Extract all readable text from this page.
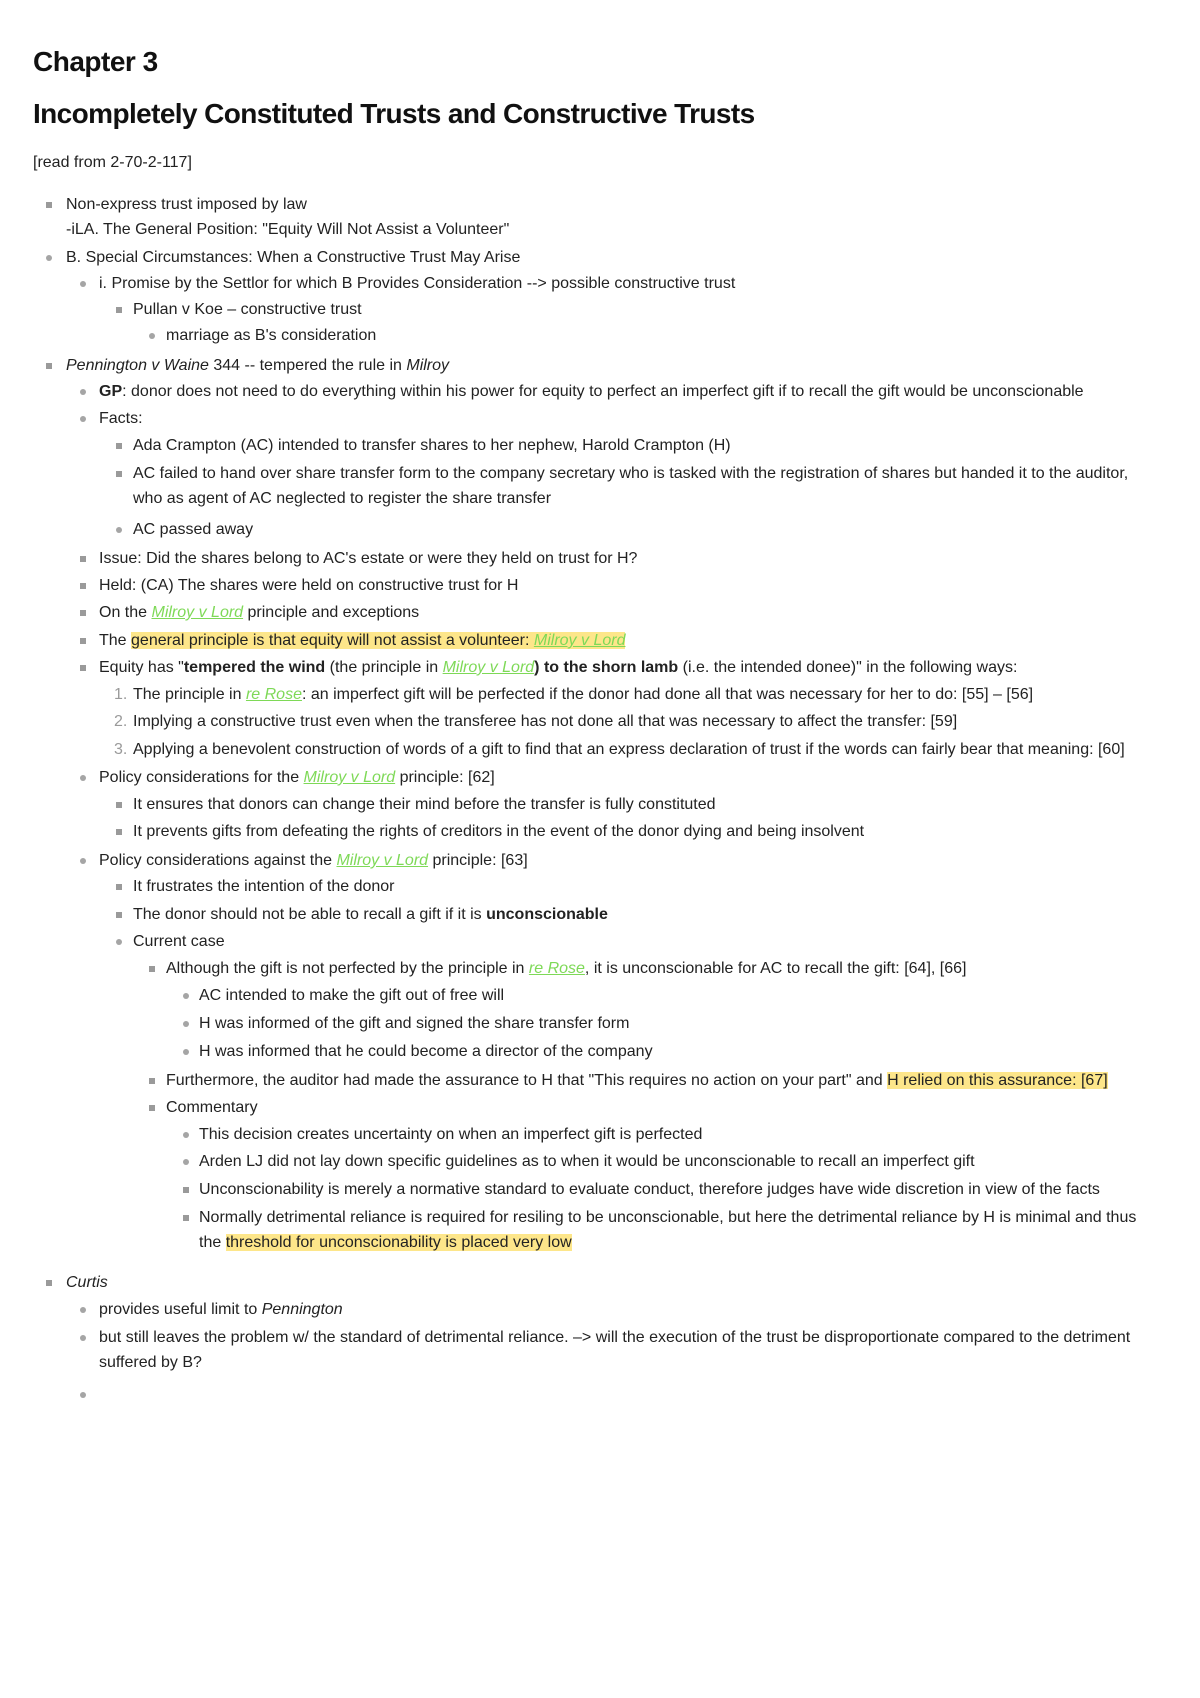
Chapter 3
Incompletely Constituted Trusts and Constructive Trusts
[read from 2-70-2-117]
Non-express trust imposed by law
-iLA. The General Position: "Equity Will Not Assist a Volunteer"
B. Special Circumstances: When a Constructive Trust May Arise
i. Promise by the Settlor for which B Provides Consideration --> possible constructive trust
Pullan v Koe – constructive trust
marriage as B's consideration
Pennington v Waine 344 -- tempered the rule in Milroy
GP: donor does not need to do everything within his power for equity to perfect an imperfect gift if to recall the gift would be unconscionable
Facts:
Ada Crampton (AC) intended to transfer shares to her nephew, Harold Crampton (H)
AC failed to hand over share transfer form to the company secretary who is tasked with the registration of shares but handed it to the auditor, who as agent of AC neglected to register the share transfer
AC passed away
Issue: Did the shares belong to AC's estate or were they held on trust for H?
Held: (CA) The shares were held on constructive trust for H
On the Milroy v Lord principle and exceptions
The general principle is that equity will not assist a volunteer: Milroy v Lord
Equity has "tempered the wind (the principle in Milroy v Lord) to the shorn lamb (i.e. the intended donee)" in the following ways:
1. The principle in re Rose: an imperfect gift will be perfected if the donor had done all that was necessary for her to do: [55] – [56]
2. Implying a constructive trust even when the transferee has not done all that was necessary to affect the transfer: [59]
3. Applying a benevolent construction of words of a gift to find that an express declaration of trust if the words can fairly bear that meaning: [60]
Policy considerations for the Milroy v Lord principle: [62]
It ensures that donors can change their mind before the transfer is fully constituted
It prevents gifts from defeating the rights of creditors in the event of the donor dying and being insolvent
Policy considerations against the Milroy v Lord principle: [63]
It frustrates the intention of the donor
The donor should not be able to recall a gift if it is unconscionable
Current case
Although the gift is not perfected by the principle in re Rose, it is unconscionable for AC to recall the gift: [64], [66]
AC intended to make the gift out of free will
H was informed of the gift and signed the share transfer form
H was informed that he could become a director of the company
Furthermore, the auditor had made the assurance to H that "This requires no action on your part" and H relied on this assurance: [67]
Commentary
This decision creates uncertainty on when an imperfect gift is perfected
Arden LJ did not lay down specific guidelines as to when it would be unconscionable to recall an imperfect gift
Unconscionability is merely a normative standard to evaluate conduct, therefore judges have wide discretion in view of the facts
Normally detrimental reliance is required for resiling to be unconscionable, but here the detrimental reliance by H is minimal and thus the threshold for unconscionability is placed very low
Curtis
provides useful limit to Pennington
but still leaves the problem w/ the standard of detrimental reliance. –> will the execution of the trust be disproportionate compared to the detriment suffered by B?
